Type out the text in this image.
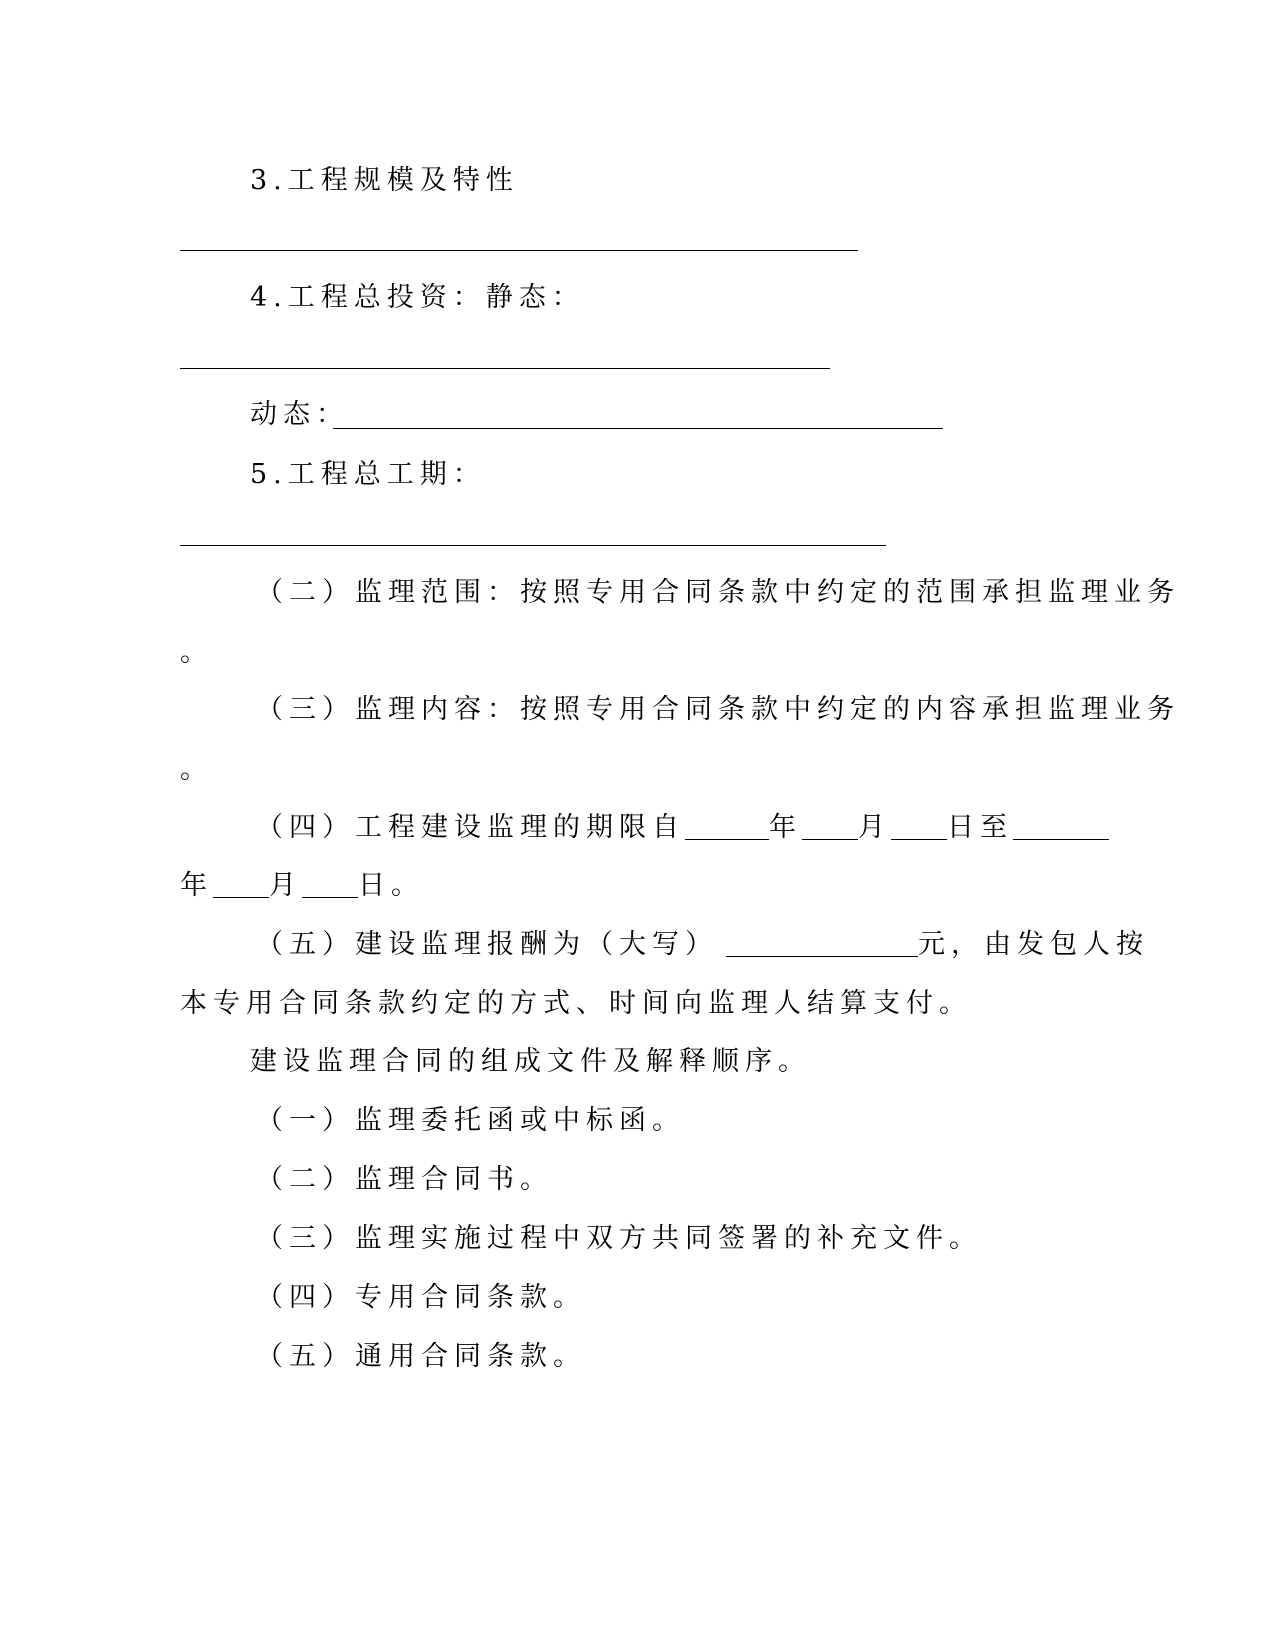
3.工程规模及特性
4.工程总投资：静态：
动态：
5.工程总工期：
（二）监理范围：按照专用合同条款中约定的范围承担监理业务
。
（三）监理内容：按照专用合同条款中约定的内容承担监理业务
。
（四）工程建设监理的期限自	年 月 日至
年 月 日。
（五）建设监理报酬为（大写）	元，由发包人按
本专用合同条款约定的方式、时间向监理人结算支付。
建设监理合同的组成文件及解释顺序。
（一）监理委托函或中标函。
（二）监理合同书。
（三）监理实施过程中双方共同签署的补充文件。
（四）专用合同条款。
（五）通用合同条款。
